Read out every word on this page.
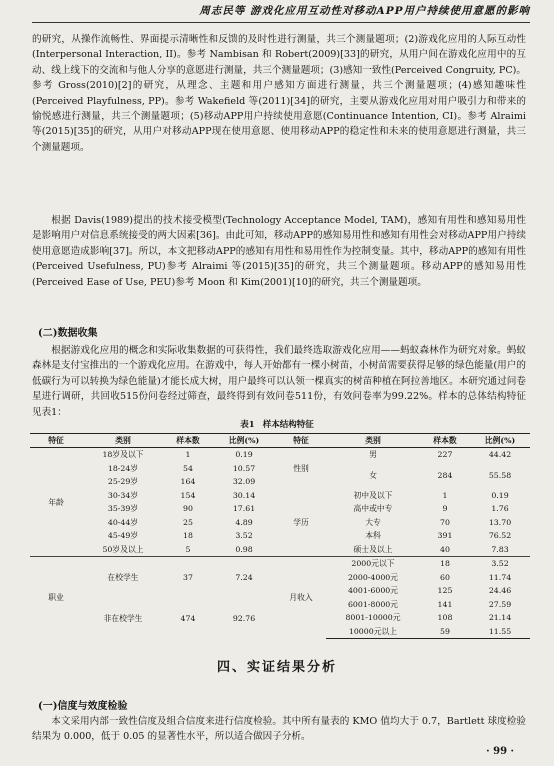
周志民等 游戏化应用互动性对移动APP用户持续使用意愿的影响
的研究，从操作流畅性、界面提示清晰性和反馈的及时性进行测量，共三个测量题项；(2)游戏化应用的人际互动性(Interpersonal Interaction, II)。参考 Nambisan 和 Robert(2009)[33]的研究，从用户间在游戏化应用中的互动、线上线下的交流和与他人分享的意愿进行测量，共三个测量题项；(3)感知一致性(Perceived Congruity, PC)。参考 Gross(2010)[2]的研究，从理念、主题和用户感知方面进行测量，共三个测量题项；(4)感知趣味性(Perceived Playfulness, PP)。参考 Wakefield 等(2011)[34]的研究，主要从游戏化应用对用户吸引力和带来的愉悦感进行测量，共三个测量题项；(5)移动APP用户持续使用意愿(Continuance Intention, CI)。参考 Alraimi 等(2015)[35]的研究，从用户对移动APP现在使用意愿、使用移动APP的稳定性和未来的使用意愿进行测量，共三个测量题项。
根据 Davis(1989)提出的技术接受模型(Technology Acceptance Model, TAM)，感知有用性和感知易用性是影响用户对信息系统接受的两大因素[36]。由此可知，移动APP的感知易用性和感知有用性会对移动APP用户持续使用意愿造成影响[37]。所以，本文把移动APP的感知有用性和易用性作为控制变量。其中，移动APP的感知有用性(Perceived Usefulness, PU)参考 Alraimi 等(2015)[35]的研究，共三个测量题项。移动APP的感知易用性(Perceived Ease of Use, PEU)参考 Moon 和 Kim(2001)[10]的研究，共三个测量题项。
(二)数据收集
根据游戏化应用的概念和实际收集数据的可获得性，我们最终选取游戏化应用——蚂蚁森林作为研究对象。蚂蚁森林是支付宝推出的一个游戏化应用。在游戏中，每人开始都有一棵小树苗，小树苗需要获得足够的绿色能量(用户的低碳行为可以转换为绿色能量)才能长成大树，用户最终可以认领一棵真实的树苗种植在阿拉善地区。本研究通过问卷星进行调研，共回收515份问卷经过筛查，最终得到有效问卷511份，有效问卷率为99.22%。样本的总体结构特征见表1：
表1 样本结构特征
特征	类别	样本数	比例(%)	特征	类别	样本数	比例(%)
年龄	18岁及以下	1	0.19	性别	男	227	44.42
	18-24岁	54	10.57		女	284	55.58
	25-29岁	164	32.09				
	30-34岁	154	30.14	学历	初中及以下	1	0.19
	35-39岁	90	17.61		高中或中专	9	1.76
	40-44岁	25	4.89		大专	70	13.70
	45-49岁	18	3.52		本科	391	76.52
	50岁及以上	5	0.98		硕士及以上	40	7.83
职业	在校学生	37	7.24	月收入	2000元以下	18	3.52
					2000-4000元	60	11.74
					4001-6000元	125	24.46
	非在校学生	474	92.76		6001-8000元	141	27.59
					8001-10000元	108	21.14
					10000元以上	59	11.55
四、实证结果分析
(一)信度与效度检验
本文采用内部一致性信度及组合信度来进行信度检验。其中所有量表的 KMO 值均大于 0.7，Bartlett 球度检验结果为 0.000，低于 0.05 的显著性水平，所以适合做因子分析。
· 99 ·
